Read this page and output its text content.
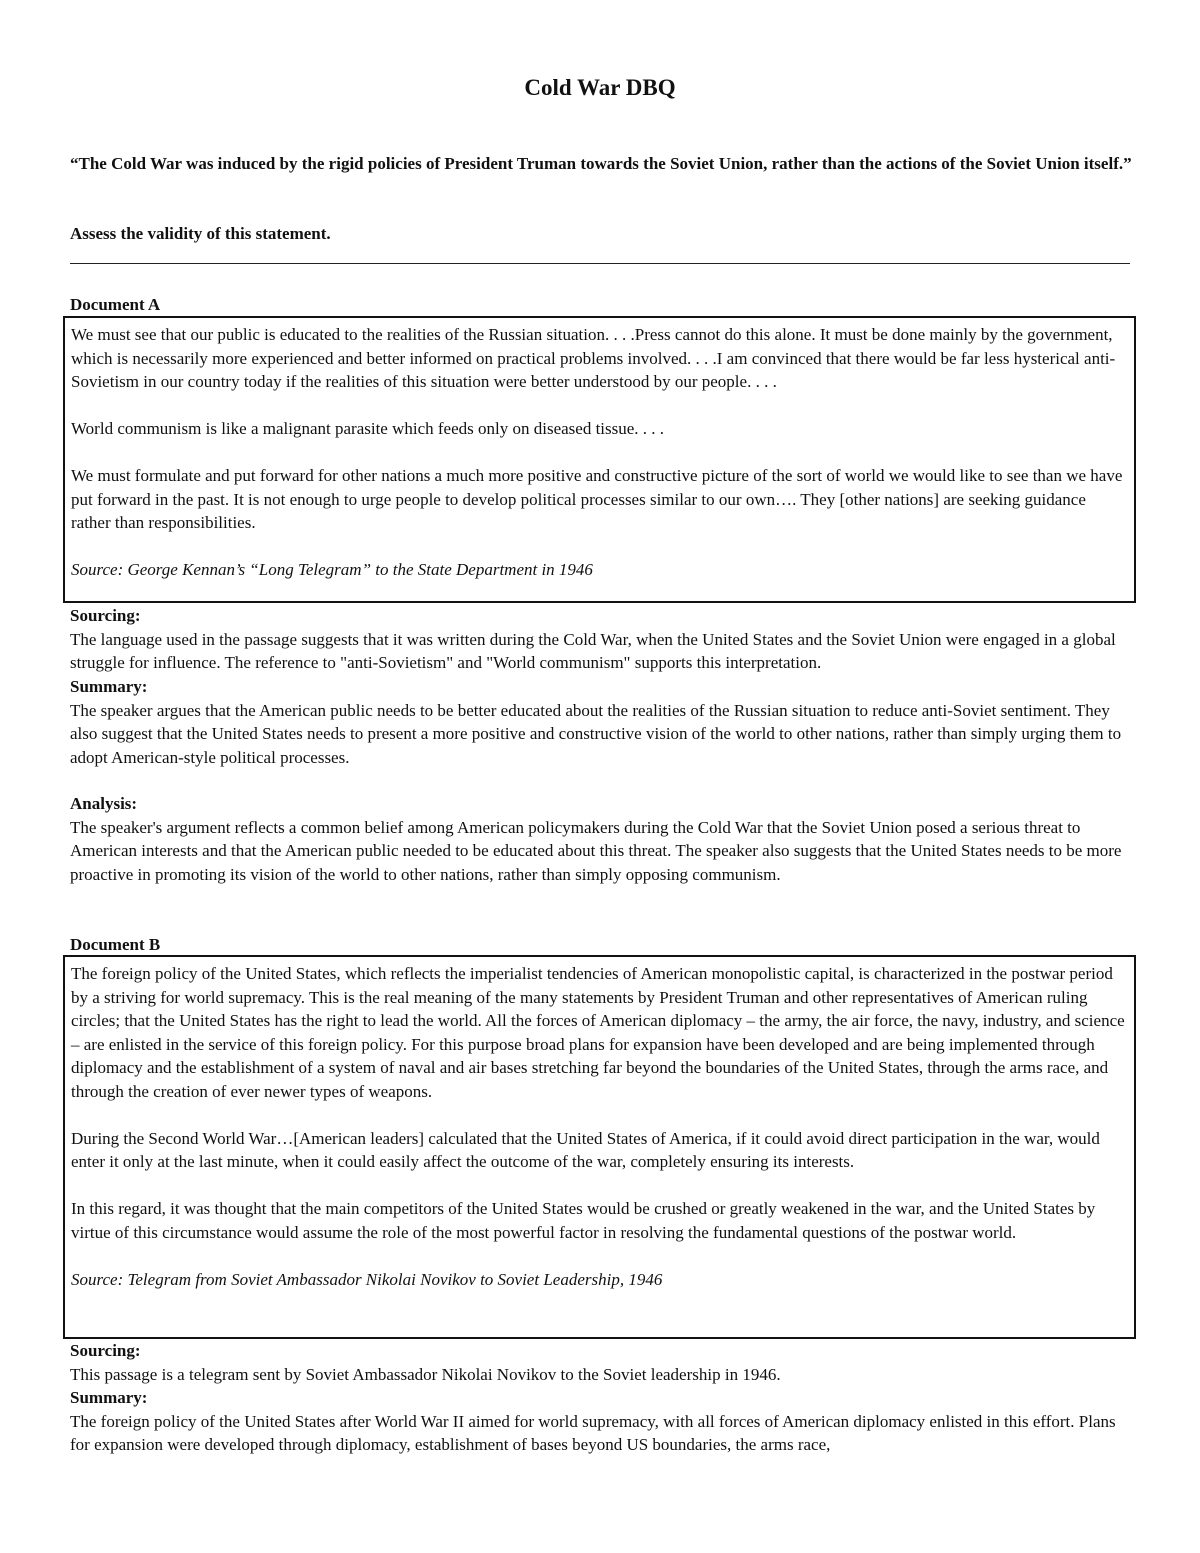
Cold War DBQ

“The Cold War was induced by the rigid policies of President Truman towards the Soviet Union, rather than the actions of the Soviet Union itself.”

Assess the validity of this statement.

Document A

We must see that our public is educated to the realities of the Russian situation. . . .Press cannot do this alone. It must be done mainly by the government, which is necessarily more experienced and better informed on practical problems involved. . . .I am convinced that there would be far less hysterical anti-Sovietism in our country today if the realities of this situation were better understood by our people. . . .

World communism is like a malignant parasite which feeds only on diseased tissue. . . .

We must formulate and put forward for other nations a much more positive and constructive picture of the sort of world we would like to see than we have put forward in the past. It is not enough to urge people to develop political processes similar to our own…. They [other nations] are seeking guidance rather than responsibilities.

Source: George Kennan’s “Long Telegram” to the State Department in 1946

Sourcing:

The language used in the passage suggests that it was written during the Cold War, when the United States and the Soviet Union were engaged in a global struggle for influence. The reference to "anti-Sovietism" and "World communism" supports this interpretation.

Summary:

The speaker argues that the American public needs to be better educated about the realities of the Russian situation to reduce anti-Soviet sentiment. They also suggest that the United States needs to present a more positive and constructive vision of the world to other nations, rather than simply urging them to adopt American-style political processes.

Analysis:

The speaker's argument reflects a common belief among American policymakers during the Cold War that the Soviet Union posed a serious threat to American interests and that the American public needed to be educated about this threat. The speaker also suggests that the United States needs to be more proactive in promoting its vision of the world to other nations, rather than simply opposing communism.

Document B

The foreign policy of the United States, which reflects the imperialist tendencies of American monopolistic capital, is characterized in the postwar period by a striving for world supremacy. This is the real meaning of the many statements by President Truman and other representatives of American ruling circles; that the United States has the right to lead the world. All the forces of American diplomacy – the army, the air force, the navy, industry, and science – are enlisted in the service of this foreign policy. For this purpose broad plans for expansion have been developed and are being implemented through diplomacy and the establishment of a system of naval and air bases stretching far beyond the boundaries of the United States, through the arms race, and through the creation of ever newer types of weapons.

During the Second World War…[American leaders] calculated that the United States of America, if it could avoid direct participation in the war, would enter it only at the last minute, when it could easily affect the outcome of the war, completely ensuring its interests.

In this regard, it was thought that the main competitors of the United States would be crushed or greatly weakened in the war, and the United States by virtue of this circumstance would assume the role of the most powerful factor in resolving the fundamental questions of the postwar world.

Source: Telegram from Soviet Ambassador Nikolai Novikov to Soviet Leadership, 1946

Sourcing:

This passage is a telegram sent by Soviet Ambassador Nikolai Novikov to the Soviet leadership in 1946.

Summary:

The foreign policy of the United States after World War II aimed for world supremacy, with all forces of American diplomacy enlisted in this effort. Plans for expansion were developed through diplomacy, establishment of bases beyond US boundaries, the arms race,
